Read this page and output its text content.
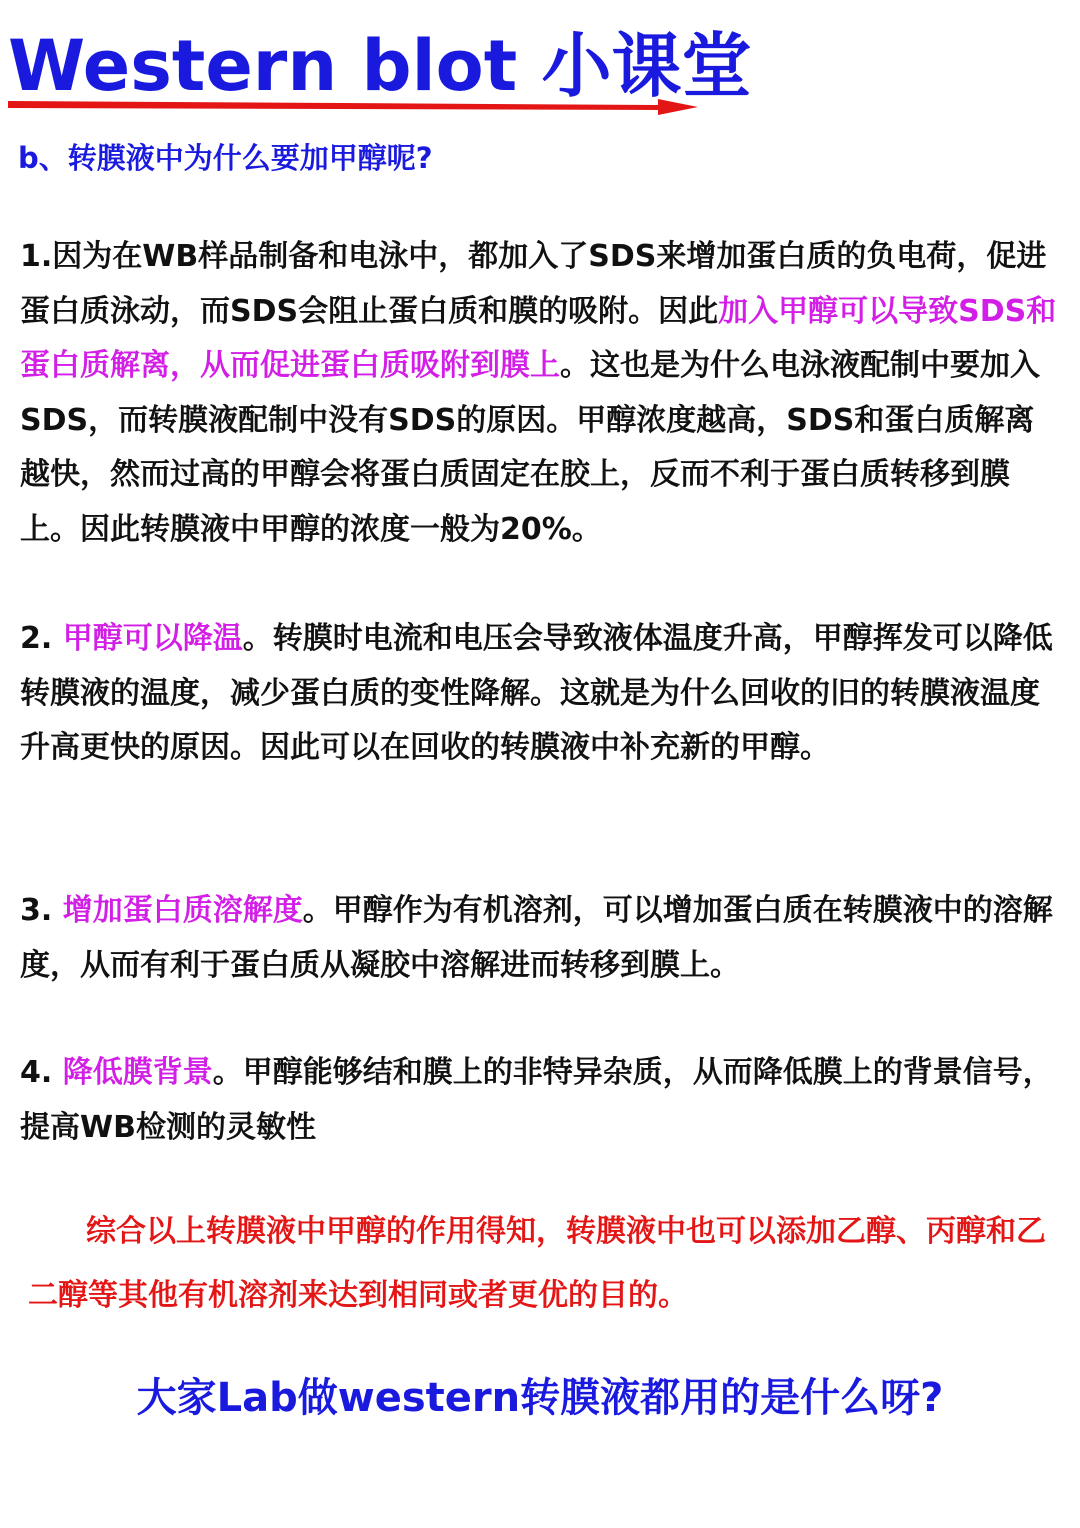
Western blot 小课堂
b、转膜液中为什么要加甲醇呢?

1.因为在WB样品制备和电泳中，都加入了SDS来增加蛋白质的负电荷，促进蛋白质泳动，而SDS会阻止蛋白质和膜的吸附。因此加入甲醇可以导致SDS和蛋白质解离，从而促进蛋白质吸附到膜上。这也是为什么电泳液配制中要加入SDS，而转膜液配制中没有SDS的原因。甲醇浓度越高，SDS和蛋白质解离越快，然而过高的甲醇会将蛋白质固定在胶上，反而不利于蛋白质转移到膜上。因此转膜液中甲醇的浓度一般为20%。

2. 甲醇可以降温。转膜时电流和电压会导致液体温度升高，甲醇挥发可以降低转膜液的温度，减少蛋白质的变性降解。这就是为什么回收的旧的转膜液温度升高更快的原因。因此可以在回收的转膜液中补充新的甲醇。

3. 增加蛋白质溶解度。甲醇作为有机溶剂，可以增加蛋白质在转膜液中的溶解度，从而有利于蛋白质从凝胶中溶解进而转移到膜上。

4. 降低膜背景。甲醇能够结和膜上的非特异杂质，从而降低膜上的背景信号，提高WB检测的灵敏性

综合以上转膜液中甲醇的作用得知，转膜液中也可以添加乙醇、丙醇和乙二醇等其他有机溶剂来达到相同或者更优的目的。

大家Lab做western转膜液都用的是什么呀?
